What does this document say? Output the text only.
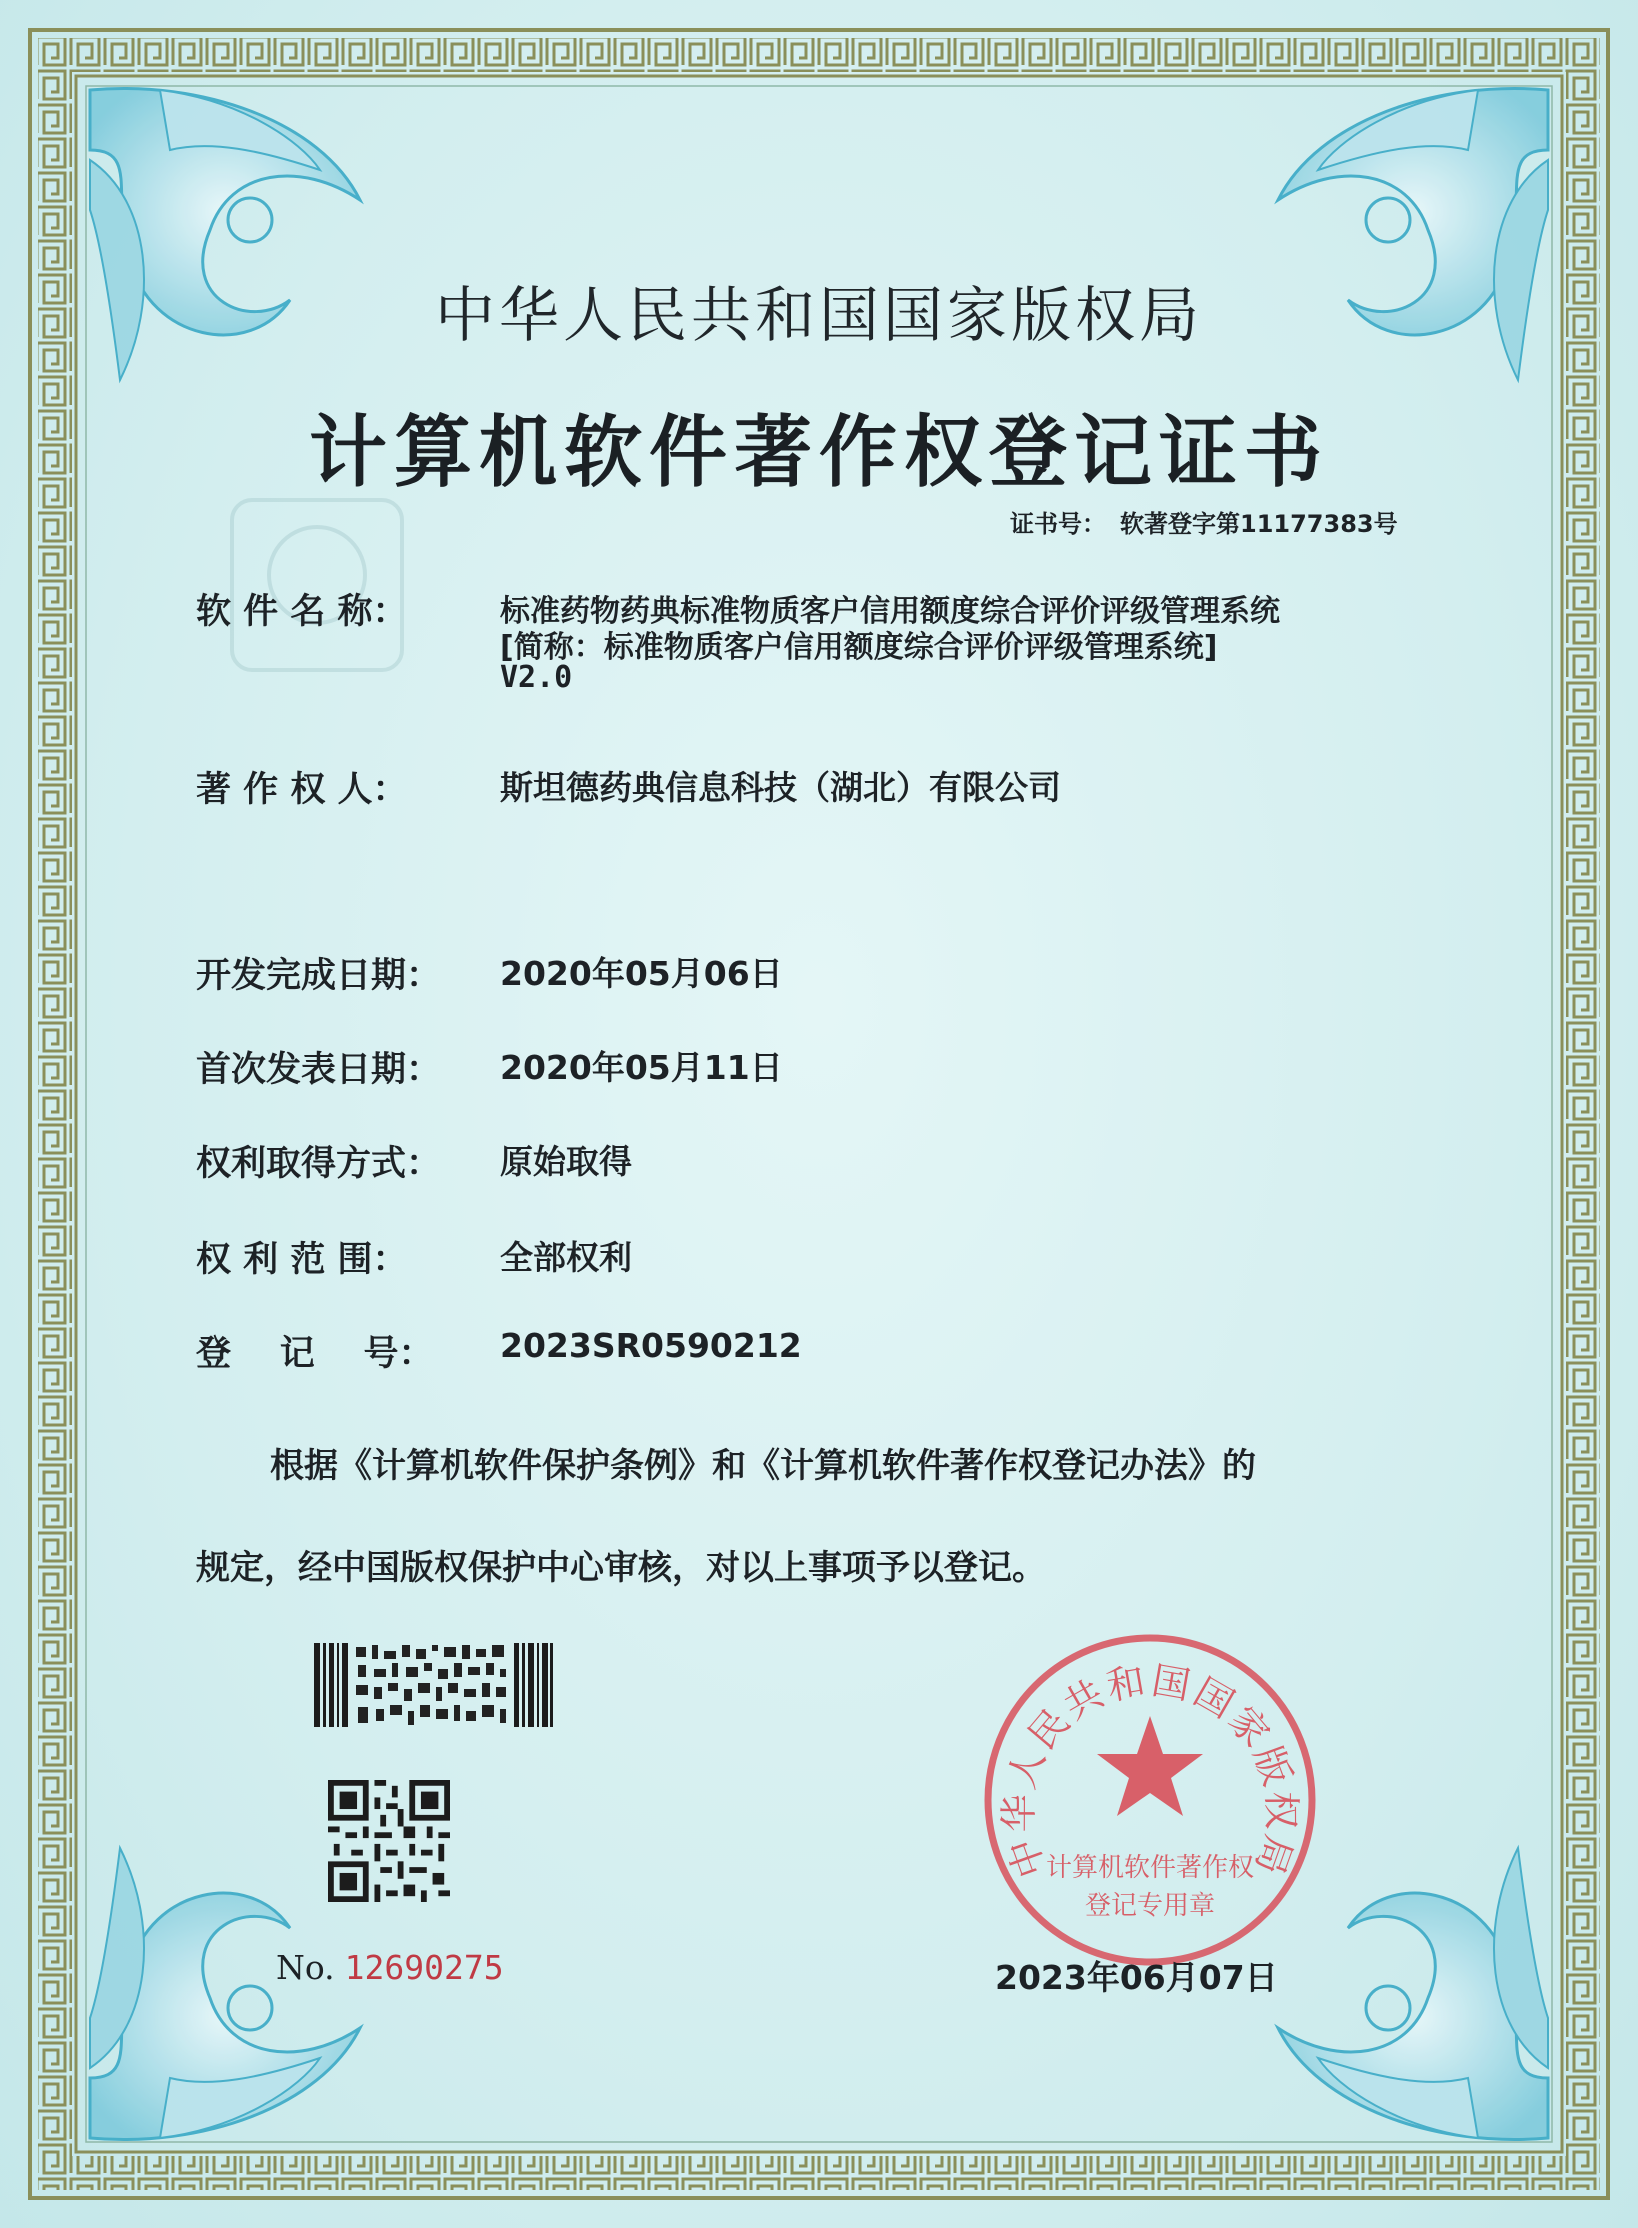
中华人民共和国国家版权局
计算机软件著作权登记证书
证书号： 软著登字第11177383号
软 件 名 称：	标准药物药典标准物质客户信用额度综合评价评级管理系统
[简称：标准物质客户信用额度综合评价评级管理系统]
V2.0
著 作 权 人：	斯坦德药典信息科技（湖北）有限公司
开发完成日期： 2020年05月06日
首次发表日期： 2020年05月11日
权利取得方式： 原始取得
权 利 范 围：	全部权利
登    记    号： 2023SR0590212
根据《计算机软件保护条例》和《计算机软件著作权登记办法》的
规定，经中国版权保护中心审核，对以上事项予以登记。
No. 12690275
中华人民共和国国家版权局
计算机软件著作权
登记专用章
2023年06月07日
